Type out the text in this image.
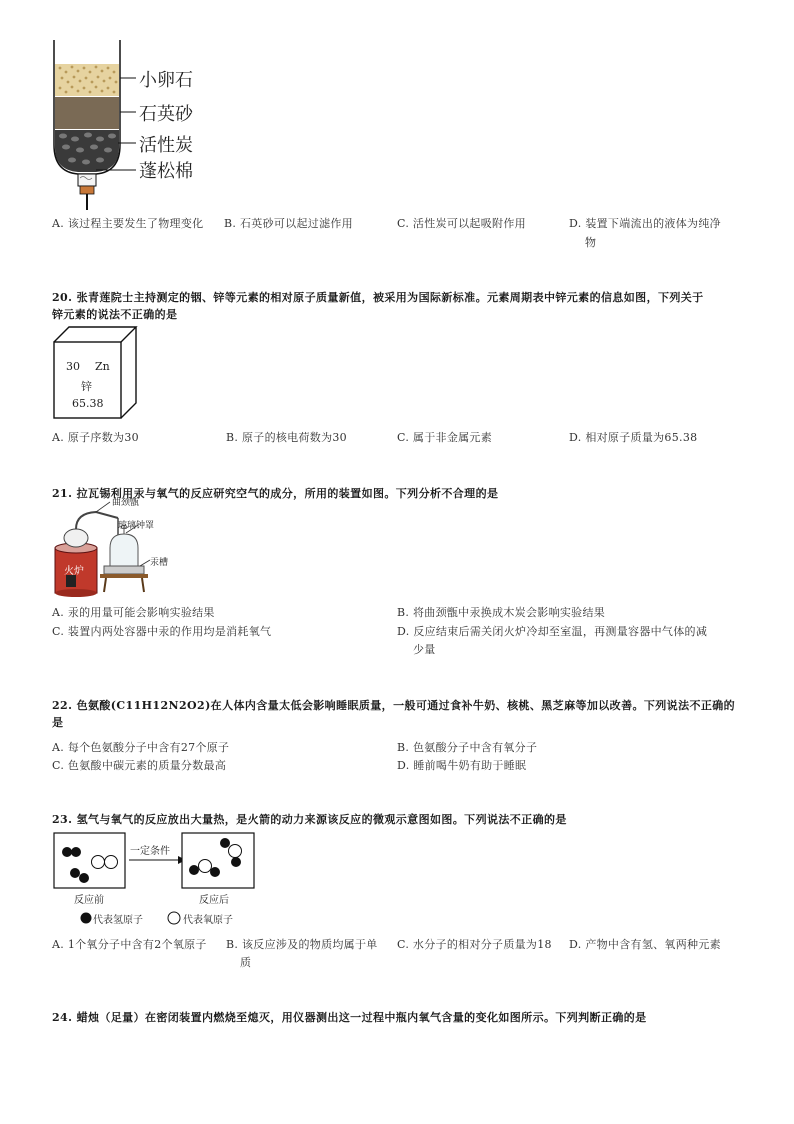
小卵石
石英砂
活性炭
蓬松棉
A. 该过程主要发生了物理变化 B. 石英砂可以起过滤作用	C. 活性炭可以起吸附作用	D. 装置下端流出的液体为纯净
物
20. 张青莲院士主持测定的铟、锌等元素的相对原子质量新值，被采用为国际新标准。元素周期表中锌元素的信息如图，下列关于
锌元素的说法不正确的是
30 Zn
锌
65.38
A. 原子序数为30	B. 原子的核电荷数为30	C. 属于非金属元素	D. 相对原子质量为65.38
21. 拉瓦锡利用汞与氧气的反应研究空气的成分，所用的装置如图。下列分析不合理的是
曲颈甑
玻璃钟罩
汞槽
火炉
A. 汞的用量可能会影响实验结果	B. 将曲颈甑中汞换成木炭会影响实验结果
C. 装置内两处容器中汞的作用均是消耗氧气	D. 反应结束后需关闭火炉冷却至室温，再测量容器中气体的减
少量
22. 色氨酸(C11H12N2O2)在人体内含量太低会影响睡眠质量，一般可通过食补牛奶、核桃、黑芝麻等加以改善。下列说法不正确的
是
A. 每个色氨酸分子中含有27个原子	B. 色氨酸分子中含有氧分子
C. 色氨酸中碳元素的质量分数最高	D. 睡前喝牛奶有助于睡眠
23. 氢气与氧气的反应放出大量热，是火箭的动力来源该反应的微观示意图如图。下列说法不正确的是
一定条件
反应前	反应后
代表氢原子	代表氧原子
A. 1个氧分子中含有2个氧原子 B. 该反应涉及的物质均属于单
质
C. 水分子的相对分子质量为18 D. 产物中含有氢、氧两种元素
24. 蜡烛（足量）在密闭装置内燃烧至熄灭，用仪器测出这一过程中瓶内氧气含量的变化如图所示。下列判断正确的是
